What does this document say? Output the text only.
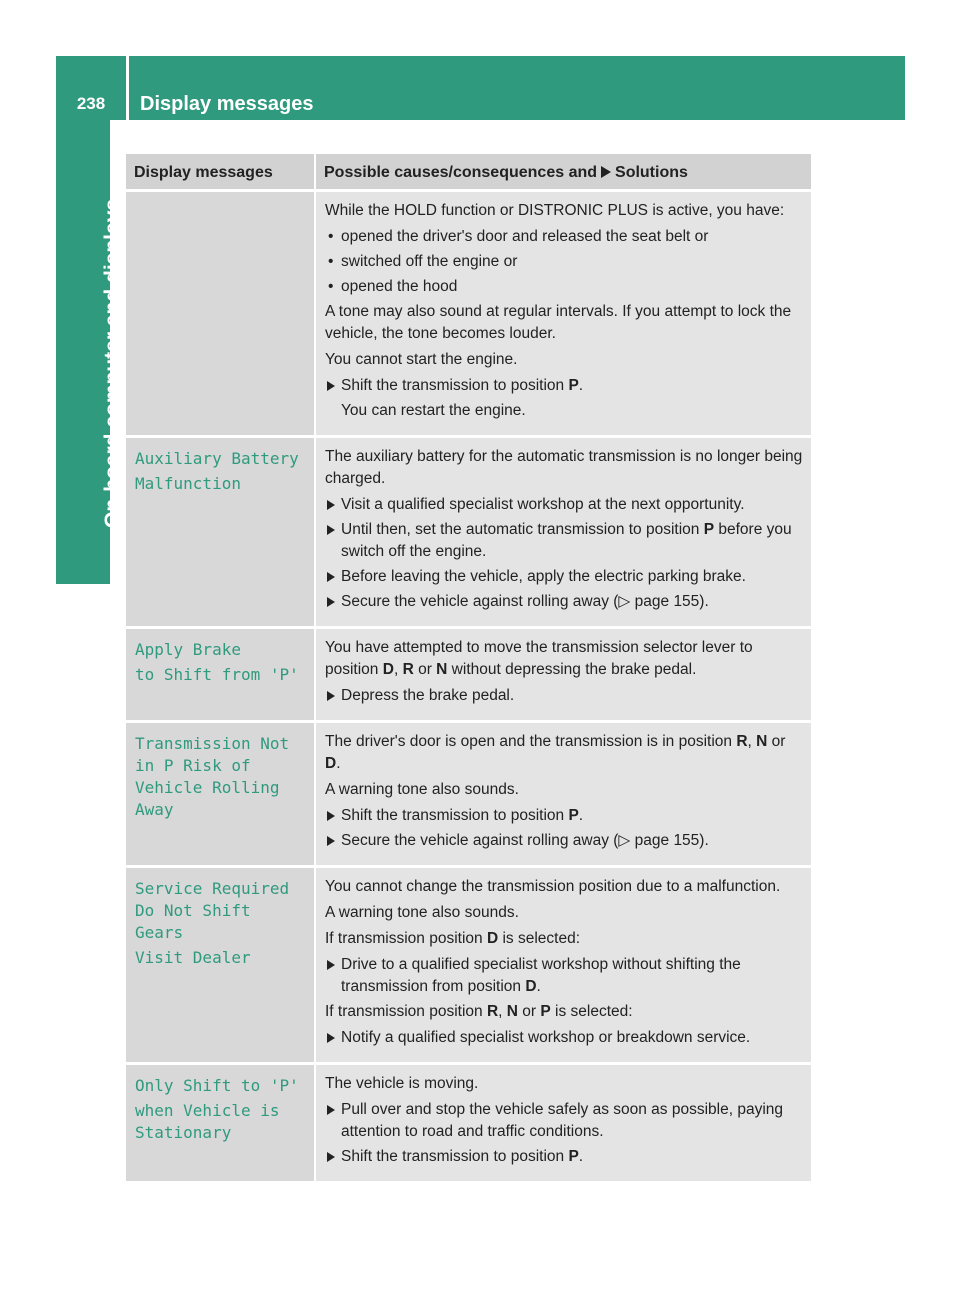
238	Display messages
On-board computer and displays
Display messages	Possible causes/consequences and Solutions
While the HOLD function or DISTRONIC PLUS is active, you have:
• opened the driver's door and released the seat belt or
• switched off the engine or
• opened the hood
A tone may also sound at regular intervals. If you attempt to lock the vehicle, the tone becomes louder.
You cannot start the engine.
Shift the transmission to position P.
You can restart the engine.
Auxiliary Battery
Malfunction
The auxiliary battery for the automatic transmission is no longer being charged.
Visit a qualified specialist workshop at the next opportunity.
Until then, set the automatic transmission to position P before you switch off the engine.
Before leaving the vehicle, apply the electric parking brake.
Secure the vehicle against rolling away (▷ page 155).
Apply Brake
to Shift from 'P'
You have attempted to move the transmission selector lever to position D, R or N without depressing the brake pedal.
Depress the brake pedal.
Transmission Not in P Risk of Vehicle Rolling Away
The driver's door is open and the transmission is in position R, N or D.
A warning tone also sounds.
Shift the transmission to position P.
Secure the vehicle against rolling away (▷ page 155).
Service Required Do Not Shift Gears
Visit Dealer
You cannot change the transmission position due to a malfunction.
A warning tone also sounds.
If transmission position D is selected:
Drive to a qualified specialist workshop without shifting the transmission from position D.
If transmission position R, N or P is selected:
Notify a qualified specialist workshop or breakdown service.
Only Shift to 'P'
when Vehicle is Stationary
The vehicle is moving.
Pull over and stop the vehicle safely as soon as possible, paying attention to road and traffic conditions.
Shift the transmission to position P.
